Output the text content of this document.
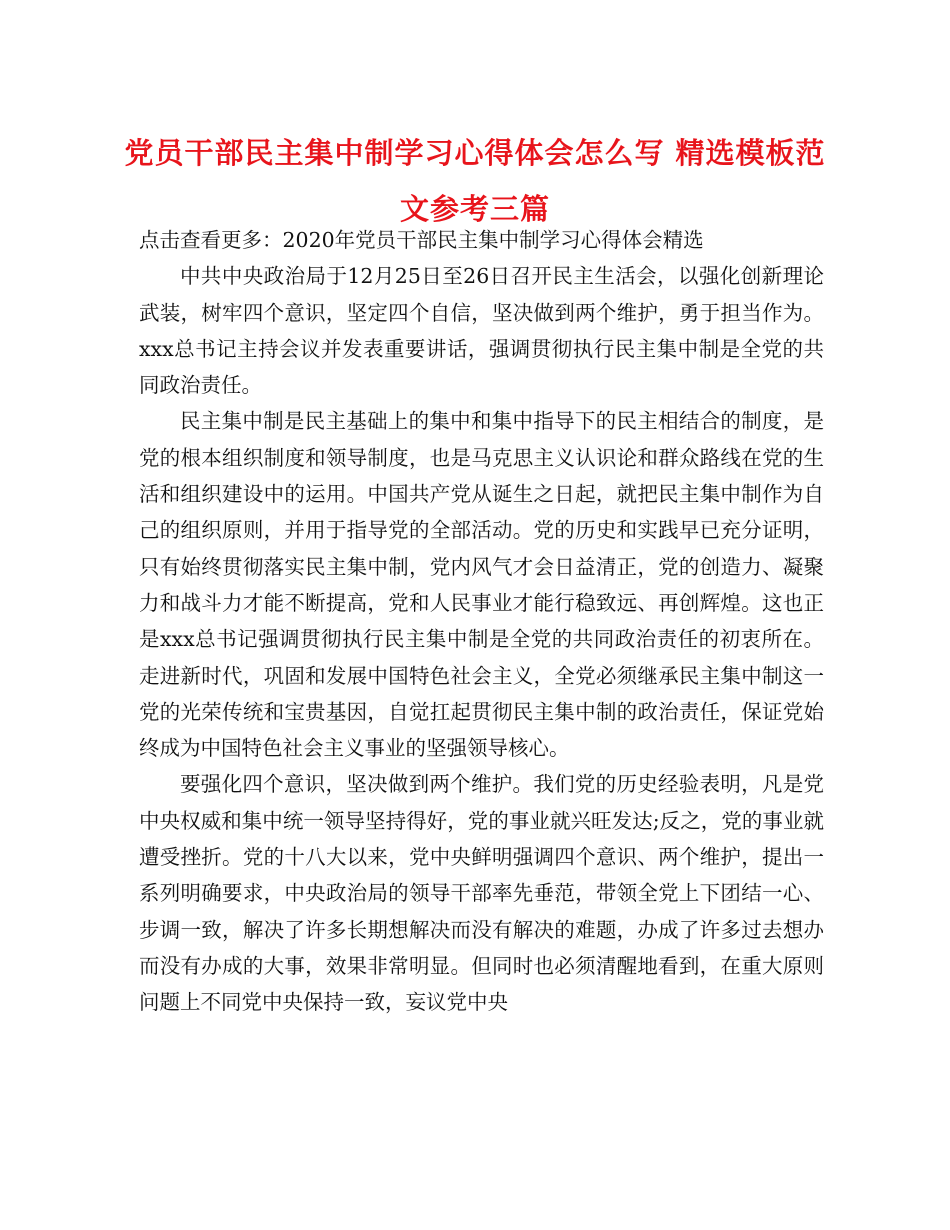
党员干部民主集中制学习心得体会怎么写 精选模板范
文参考三篇

点击查看更多：2020年党员干部民主集中制学习心得体会精选

中共中央政治局于12月25日至26日召开民主生活会，以强化创新理论武装，树牢四个意识，坚定四个自信，坚决做到两个维护，勇于担当作为。xxx总书记主持会议并发表重要讲话，强调贯彻执行民主集中制是全党的共同政治责任。

民主集中制是民主基础上的集中和集中指导下的民主相结合的制度，是党的根本组织制度和领导制度，也是马克思主义认识论和群众路线在党的生活和组织建设中的运用。中国共产党从诞生之日起，就把民主集中制作为自己的组织原则，并用于指导党的全部活动。党的历史和实践早已充分证明，只有始终贯彻落实民主集中制，党内风气才会日益清正，党的创造力、凝聚力和战斗力才能不断提高，党和人民事业才能行稳致远、再创辉煌。这也正是xxx总书记强调贯彻执行民主集中制是全党的共同政治责任的初衷所在。走进新时代，巩固和发展中国特色社会主义，全党必须继承民主集中制这一党的光荣传统和宝贵基因，自觉扛起贯彻民主集中制的政治责任，保证党始终成为中国特色社会主义事业的坚强领导核心。

要强化四个意识，坚决做到两个维护。我们党的历史经验表明，凡是党中央权威和集中统一领导坚持得好，党的事业就兴旺发达;反之，党的事业就遭受挫折。党的十八大以来，党中央鲜明强调四个意识、两个维护，提出一系列明确要求，中央政治局的领导干部率先垂范，带领全党上下团结一心、步调一致，解决了许多长期想解决而没有解决的难题，办成了许多过去想办而没有办成的大事，效果非常明显。但同时也必须清醒地看到，在重大原则问题上不同党中央保持一致，妄议党中央
